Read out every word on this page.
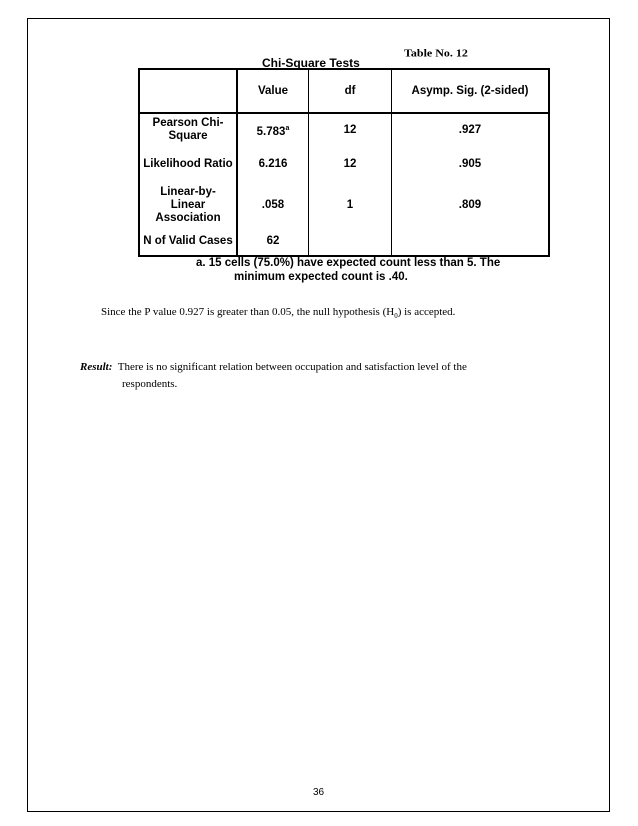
Table No. 12
Chi-Square Tests
	Value	df	Asymp. Sig. (2-sided)
Pearson Chi-Square	5.783$^a$	12	.927
Likelihood Ratio	6.216	12	.905
Linear-by-Linear Association	.058	1	.809
N of Valid Cases	62		
a. 15 cells (75.0%) have expected count less than 5. The
minimum expected count is .40.
Since the P value 0.927 is greater than 0.05, the null hypothesis $(H_0)$ is accepted.
Result: There is no significant relation between occupation and satisfaction level of the
respondents.
36
